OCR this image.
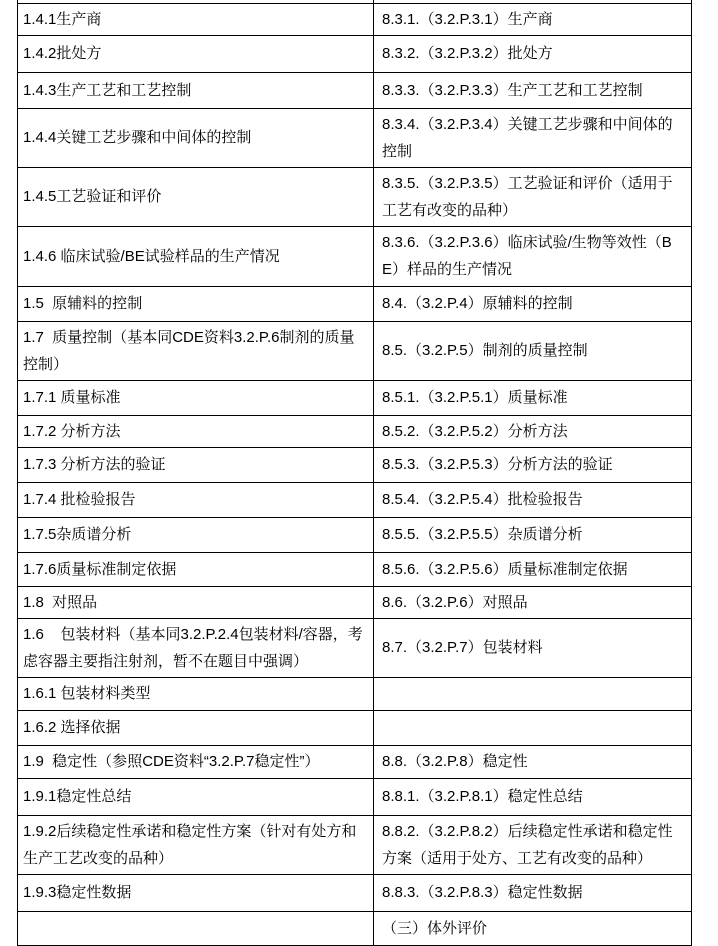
1.4.1生产商	8.3.1.（3.2.P.3.1）生产商
1.4.2批处方	8.3.2.（3.2.P.3.2）批处方
1.4.3生产工艺和工艺控制	8.3.3.（3.2.P.3.3）生产工艺和工艺控制
1.4.4关键工艺步骤和中间体的控制	8.3.4.（3.2.P.3.4）关键工艺步骤和中间体的控制
1.4.5工艺验证和评价	8.3.5.（3.2.P.3.5）工艺验证和评价（适用于工艺有改变的品种）
1.4.6 临床试验/BE试验样品的生产情况	8.3.6.（3.2.P.3.6）临床试验/生物等效性（BE）样品的生产情况
1.5  原辅料的控制	8.4.（3.2.P.4）原辅料的控制
1.7  质量控制（基本同CDE资料3.2.P.6制剂的质量控制）	8.5.（3.2.P.5）制剂的质量控制
1.7.1 质量标准	8.5.1.（3.2.P.5.1）质量标准
1.7.2 分析方法	8.5.2.（3.2.P.5.2）分析方法
1.7.3 分析方法的验证	8.5.3.（3.2.P.5.3）分析方法的验证
1.7.4 批检验报告	8.5.4.（3.2.P.5.4）批检验报告
1.7.5杂质谱分析	8.5.5.（3.2.P.5.5）杂质谱分析
1.7.6质量标准制定依据	8.5.6.（3.2.P.5.6）质量标准制定依据
1.8  对照品	8.6.（3.2.P.6）对照品
1.6    包装材料（基本同3.2.P.2.4包装材料/容器，考虑容器主要指注射剂，暂不在题目中强调）	8.7.（3.2.P.7）包装材料
1.6.1 包装材料类型	
1.6.2 选择依据	
1.9  稳定性（参照CDE资料“3.2.P.7稳定性”）	8.8.（3.2.P.8）稳定性
1.9.1稳定性总结	8.8.1.（3.2.P.8.1）稳定性总结
1.9.2后续稳定性承诺和稳定性方案（针对有处方和生产工艺改变的品种）	8.8.2.（3.2.P.8.2）后续稳定性承诺和稳定性方案（适用于处方、工艺有改变的品种）
1.9.3稳定性数据	8.8.3.（3.2.P.8.3）稳定性数据
	（三）体外评价
